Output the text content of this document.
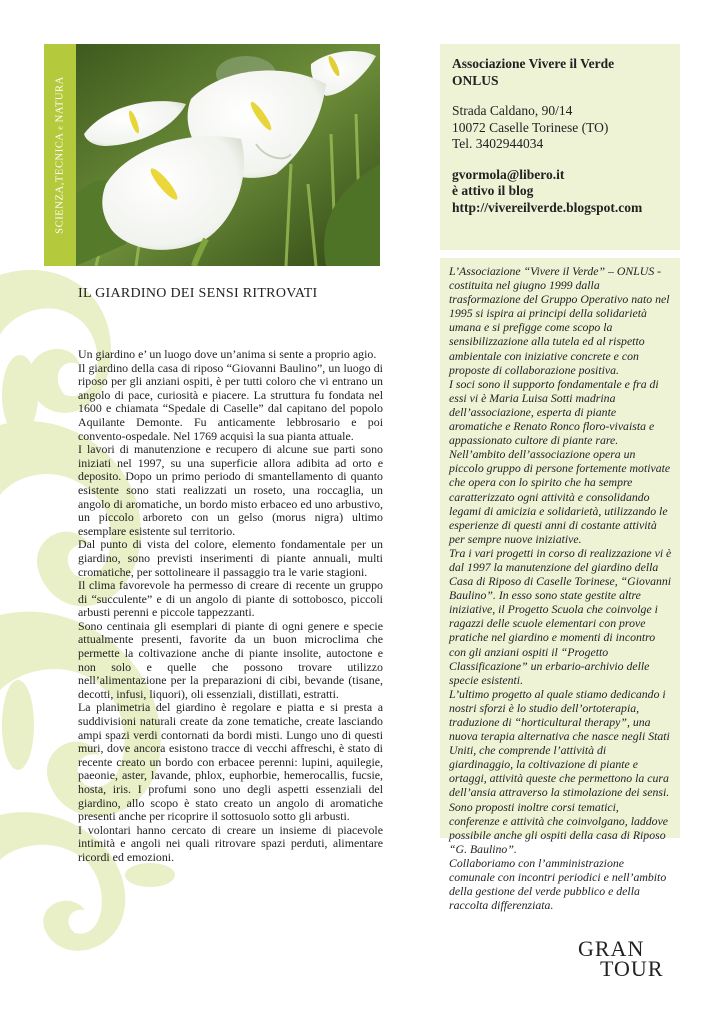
SCIENZA,TECNICA e NATURA

Associazione Vivere il Verde

ONLUS

Strada Caldano, 90/14

10072 Caselle Torinese (TO)

Tel. 3402944034

gvormola@libero.it

è attivo il blog

http://vivereilverde.blogspot.com

L’Associazione “Vivere il Verde” – ONLUS - costituita nel giugno 1999 dalla trasformazione del Gruppo Operativo nato nel 1995 si ispira ai principi della solidarietà umana e si prefigge come scopo la sensibilizzazione alla tutela ed al rispetto ambientale con iniziative concrete e con proposte di collaborazione positiva.

I soci sono il supporto fondamentale e fra di essi vi è Maria Luisa Sotti madrina dell’associazione, esperta di piante aromatiche e Renato Ronco floro-vivaista e appassionato cultore di piante rare.

Nell’ambito dell’associazione opera un piccolo gruppo di persone fortemente motivate che opera con lo spirito che ha sempre caratterizzato ogni attività e consolidando legami di amicizia e solidarietà, utilizzando le esperienze di questi anni di costante attività per sempre nuove iniziative.

Tra i vari progetti in corso di realizzazione vi è dal 1997 la manutenzione del giardino della Casa di Riposo di Caselle Torinese, “Giovanni Baulino”. In esso sono state gestite altre iniziative, il Progetto Scuola che coinvolge i ragazzi delle scuole elementari con prove pratiche nel giardino e momenti di incontro con gli anziani ospiti il “Progetto Classificazione” un erbario-archivio delle specie esistenti.

L’ultimo progetto al quale stiamo dedicando i nostri sforzi è lo studio dell’ortoterapia, traduzione di “horticultural therapy”, una nuova terapia alternativa che nasce negli Stati Uniti, che comprende l’attività di giardinaggio, la coltivazione di piante e ortaggi, attività queste che permettono la cura dell’ansia attraverso la stimolazione dei sensi.

Sono proposti inoltre corsi tematici, conferenze e attività che coinvolgano, laddove possibile anche gli ospiti della casa di Riposo “G. Baulino”.

Collaboriamo con l’amministrazione comunale con incontri periodici e nell’ambito della gestione del verde pubblico e della raccolta differenziata.

IL GIARDINO DEI SENSI RITROVATI

Un giardino e’ un luogo dove un’anima si sente a proprio agio.

Il giardino della casa di riposo “Giovanni Baulino”, un luogo di riposo per gli anziani ospiti, è per tutti coloro che vi entrano un angolo di pace, curiosità e piacere. La struttura fu fondata nel 1600 e chiamata “Spedale di Caselle” dal capitano del popolo Aquilante Demonte. Fu anticamente lebbrosario e poi convento-ospedale. Nel 1769 acquisì la sua pianta attuale.

I lavori di manutenzione e recupero di alcune sue parti sono iniziati nel 1997, su una superficie allora adibita ad orto e deposito. Dopo un primo periodo di smantellamento di quanto esistente sono stati realizzati un roseto, una roccaglia, un angolo di aromatiche, un bordo misto erbaceo ed uno arbustivo, un piccolo arboreto con un gelso (morus nigra) ultimo esemplare esistente sul territorio.

Dal punto di vista del colore, elemento fondamentale per un giardino, sono previsti inserimenti di piante annuali, multi cromatiche, per sottolineare il passaggio tra le varie stagioni.

Il clima favorevole ha permesso di creare di recente un gruppo di “succulente” e di un angolo di piante di sottobosco, piccoli arbusti perenni e piccole tappezzanti.

Sono centinaia gli esemplari di piante di ogni genere e specie attualmente presenti, favorite da un buon microclima che permette la coltivazione anche di piante insolite, autoctone e non solo e quelle che possono trovare utilizzo nell’alimentazione per la preparazioni di cibi, bevande (tisane, decotti, infusi, liquori), oli essenziali, distillati, estratti.

La planimetria del giardino è regolare e piatta e si presta a suddivisioni naturali create da zone tematiche, create lasciando ampi spazi verdi contornati da bordi misti. Lungo uno di questi muri, dove ancora esistono tracce di vecchi affreschi, è stato di recente creato un bordo con erbacee perenni: lupini, aquilegie, paeonie, aster, lavande, phlox, euphorbie, hemerocallis, fucsie, hosta, iris. I profumi sono uno degli aspetti essenziali del giardino, allo scopo è stato creato un angolo di aromatiche presenti anche per ricoprire il sottosuolo sotto gli arbusti.

I volontari hanno cercato di creare un insieme di piacevole intimità e angoli nei quali ritrovare spazi perduti, alimentare ricordi ed emozioni.

GRAN
TOUR
